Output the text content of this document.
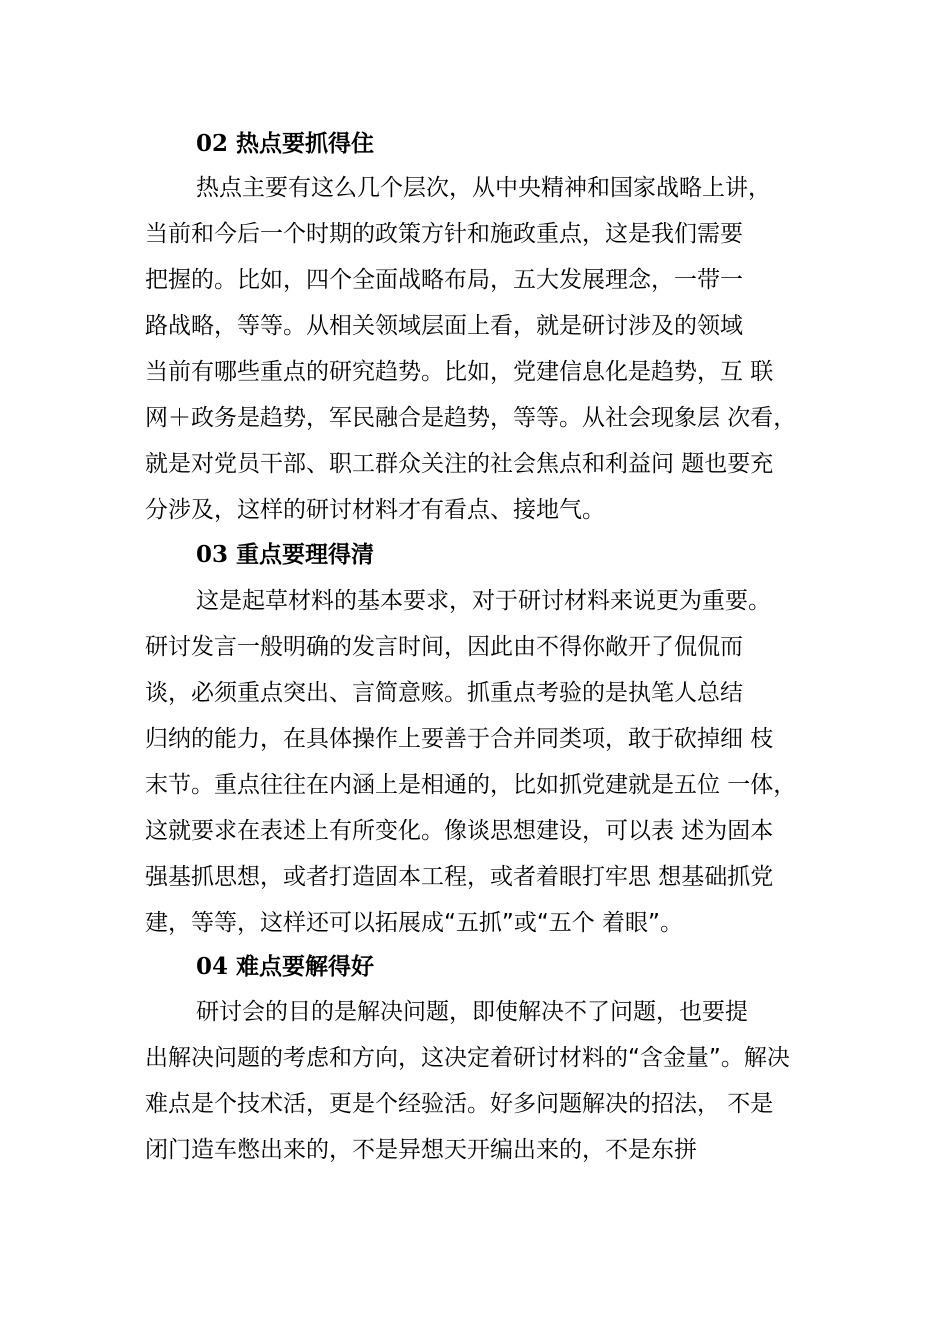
02 热点要抓得住
热点主要有这么几个层次，从中央精神和国家战略上讲，
当前和今后一个时期的政策方针和施政重点，这是我们需要
把握的。比如，四个全面战略布局，五大发展理念，一带一
路战略，等等。从相关领域层面上看，就是研讨涉及的领域
当前有哪些重点的研究趋势。比如，党建信息化是趋势，互 联
网＋政务是趋势，军民融合是趋势，等等。从社会现象层 次看，
就是对党员干部、职工群众关注的社会焦点和利益问 题也要充
分涉及，这样的研讨材料才有看点、接地气。
03 重点要理得清
这是起草材料的基本要求，对于研讨材料来说更为重要。
研讨发言一般明确的发言时间，因此由不得你敞开了侃侃而
谈，必须重点突出、言简意赅。抓重点考验的是执笔人总结
归纳的能力，在具体操作上要善于合并同类项，敢于砍掉细 枝
末节。重点往往在内涵上是相通的，比如抓党建就是五位 一体，
这就要求在表述上有所变化。像谈思想建设，可以表 述为固本
强基抓思想，或者打造固本工程，或者着眼打牢思 想基础抓党
建，等等，这样还可以拓展成“五抓”或“五个 着眼”。
04 难点要解得好
研讨会的目的是解决问题，即使解决不了问题，也要提
出解决问题的考虑和方向，这决定着研讨材料的“含金量”。解决
难点是个技术活，更是个经验活。好多问题解决的招法， 不是
闭门造车憋出来的，不是异想天开编出来的，不是东拼
